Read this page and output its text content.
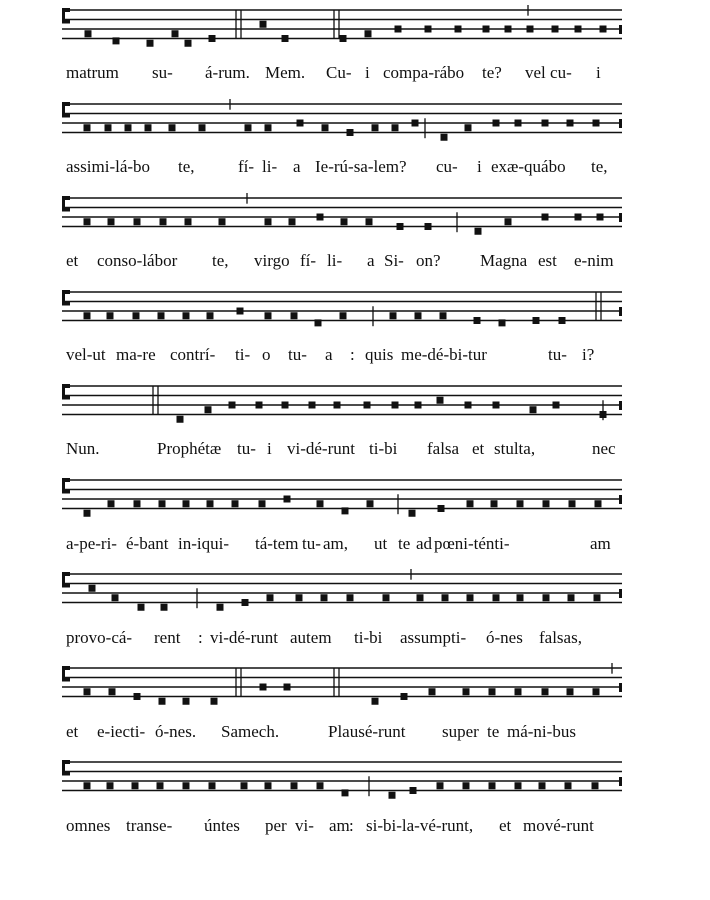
matrum su- á-rum. Mem. Cu- i compa-rábo te? vel cu- i
assimi-lá-bo te,	fí- li- a Ie-rú-sa-lem? cu- i exæ-quábo te,
et conso-lábor te, virgo fí- li- a Si- on? Magna est e-nim
vel-ut ma-re contrí- ti- o tu- a : quis me-dé-bi-tur	tu- i?
Nun.	Prophétæ tu- i vi-dé-runt ti-bi falsa et stulta,	nec
a-pe-ri- é-bant in-iqui- tá-tem tu- am, ut te ad pœni-ténti-	am
provo-cá- rent : vi-dé-runt autem ti-bi assumpti- ó-nes falsas,
et e-iecti- ó-nes. Samech.	Plausé-runt super te má-ni-bus
omnes transe- úntes per vi- am : si-bi-la-vé-runt, et mové-runt
